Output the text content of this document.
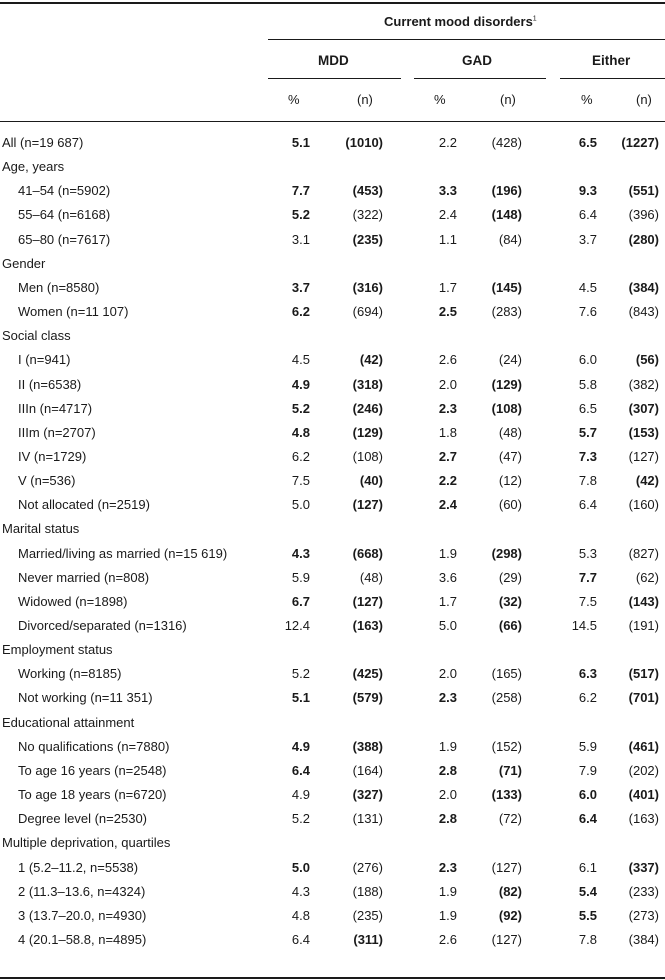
Current mood disorders$^1$
MDD	GAD	Either
%	(n)	%	(n)	%	(n)
All (n=19 687)	5.1	(1010)	2.2	(428)	6.5 (1227)
Age, years
41–54 (n=5902)	7.7	(453)	3.3	(196)	9.3 (551)
55–64 (n=6168)	5.2	(322)	2.4	(148)	6.4 (396)
65–80 (n=7617)	3.1	(235)	1.1	(84)	3.7 (280)
Gender
Men (n=8580)	3.7	(316)	1.7	(145)	4.5 (384)
Women (n=11 107)	6.2	(694)	2.5	(283)	7.6 (843)
Social class
I (n=941)	4.5	(42)	2.6	(24)	6.0	(56)
II (n=6538)	4.9	(318)	2.0	(129)	5.8 (382)
IIIn (n=4717)	5.2	(246)	2.3	(108)	6.5 (307)
IIIm (n=2707)	4.8	(129)	1.8	(48)	5.7 (153)
IV (n=1729)	6.2	(108)	2.7	(47)	7.3 (127)
V (n=536)	7.5	(40)	2.2	(12)	7.8	(42)
Not allocated (n=2519)	5.0	(127)	2.4	(60)	6.4 (160)
Marital status
Married/living as married (n=15 619)	4.3	(668)	1.9	(298)	5.3 (827)
Never married (n=808)	5.9	(48)	3.6	(29)	7.7	(62)
Widowed (n=1898)	6.7	(127)	1.7	(32)	7.5 (143)
Divorced/separated (n=1316)	12.4	(163)	5.0	(66)	14.5 (191)
Employment status
Working (n=8185)	5.2	(425)	2.0	(165)	6.3 (517)
Not working (n=11 351)	5.1	(579)	2.3	(258)	6.2 (701)
Educational attainment
No qualifications (n=7880)	4.9	(388)	1.9	(152)	5.9 (461)
To age 16 years (n=2548)	6.4	(164)	2.8	(71)	7.9 (202)
To age 18 years (n=6720)	4.9	(327)	2.0	(133)	6.0 (401)
Degree level (n=2530)	5.2	(131)	2.8	(72)	6.4 (163)
Multiple deprivation, quartiles
1 (5.2–11.2, n=5538)	5.0	(276)	2.3	(127)	6.1 (337)
2 (11.3–13.6, n=4324)	4.3	(188)	1.9	(82)	5.4 (233)
3 (13.7–20.0, n=4930)	4.8	(235)	1.9	(92)	5.5 (273)
4 (20.1–58.8, n=4895)	6.4	(311)	2.6	(127)	7.8 (384)
